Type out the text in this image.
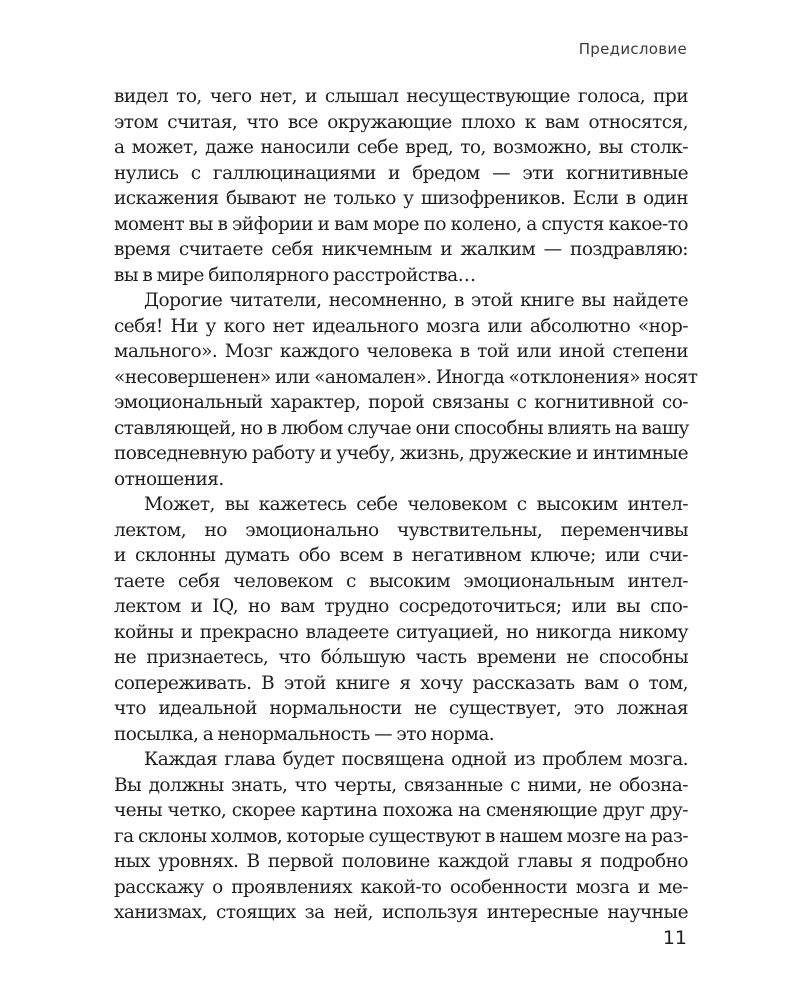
Предисловие

видел то, чего нет, и слышал несуществующие голоса, при
этом считая, что все окружающие плохо к вам относятся,
а может, даже наносили себе вред, то, возможно, вы столк-
нулись с галлюцинациями и бредом — эти когнитивные
искажения бывают не только у шизофреников. Если в один
момент вы в эйфории и вам море по колено, а спустя какое-то
время считаете себя никчемным и жалким — поздравляю:
вы в мире биполярного расстройства…

Дорогие читатели, несомненно, в этой книге вы найдете
себя! Ни у кого нет идеального мозга или абсолютно «нор-
мального». Мозг каждого человека в той или иной степени
«несовершенен» или «аномален». Иногда «отклонения» носят
эмоциональный характер, порой связаны с когнитивной со-
ставляющей, но в любом случае они способны влиять на вашу
повседневную работу и учебу, жизнь, дружеские и интимные
отношения.

Может, вы кажетесь себе человеком с высоким интел-
лектом, но эмоционально чувствительны, переменчивы
и склонны думать обо всем в негативном ключе; или счи-
таете себя человеком с высоким эмоциональным интел-
лектом и IQ, но вам трудно сосредоточиться; или вы спо-
койны и прекрасно владеете ситуацией, но никогда никому
не признаетесь, что бóльшую часть времени не способны
сопереживать. В этой книге я хочу рассказать вам о том,
что идеальной нормальности не существует, это ложная
посылка, а ненормальность — это норма.

Каждая глава будет посвящена одной из проблем мозга.
Вы должны знать, что черты, связанные с ними, не обозна-
чены четко, скорее картина похожа на сменяющие друг дру-
га склоны холмов, которые существуют в нашем мозге на раз-
ных уровнях. В первой половине каждой главы я подробно
расскажу о проявлениях какой-то особенности мозга и ме-
ханизмах, стоящих за ней, используя интересные научные

11
